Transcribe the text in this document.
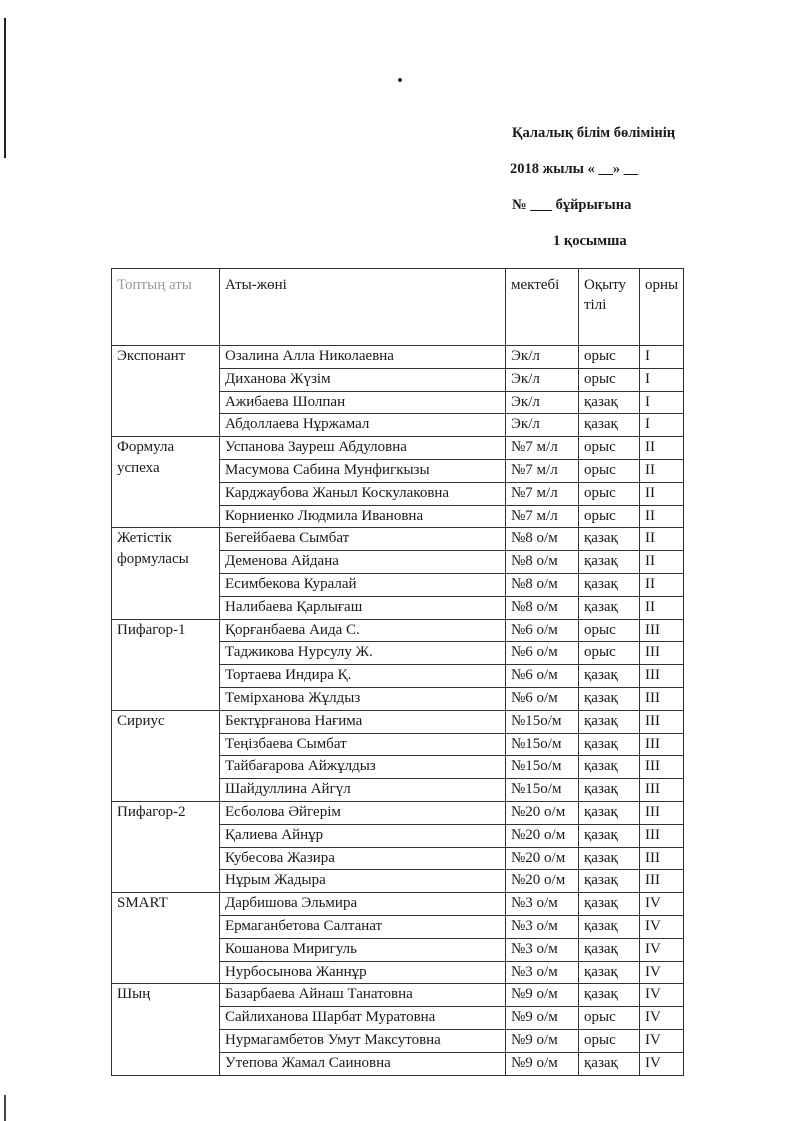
Қалалық білім бөлімінің
2018 жылы « __» __
№ ___ бұйрығына
1 қосымша
Топтың аты	Аты-жөні	мектебі	Оқыту тілі	орны
Экспонант	Озалина Алла Николаевна	Эк/л	орыс	I
	Диханова Жүзім	Эк/л	орыс	I
	Ажибаева Шолпан	Эк/л	қазақ	I
	Абдоллаева Нұржамал	Эк/л	қазақ	I
Формула успеха	Успанова Зауреш Абдуловна	№7 м/л	орыс	II
	Масумова Сабина Мунфигкызы	№7 м/л	орыс	II
	Карджаубова Жаныл Коскулаковна	№7 м/л	орыс	II
	Корниенко Людмила Ивановна	№7 м/л	орыс	II
Жетістік формуласы	Бегейбаева Сымбат	№8 о/м	қазақ	II
	Деменова Айдана	№8 о/м	қазақ	II
	Есимбекова Куралай	№8 о/м	қазақ	II
	Налибаева Қарлығаш	№8 о/м	қазақ	II
Пифагор-1	Қорғанбаева Аида С.	№6 о/м	орыс	III
	Таджикова Нурсулу Ж.	№6 о/м	орыс	III
	Тортаева Индира Қ.	№6 о/м	қазақ	III
	Темірханова Жұлдыз	№6 о/м	қазақ	III
Сириус	Бектұрғанова Нағима	№15о/м	қазақ	III
	Теңізбаева Сымбат	№15о/м	қазақ	III
	Тайбағарова Айжұлдыз	№15о/м	қазақ	III
	Шайдуллина Айгүл	№15о/м	қазақ	III
Пифагор-2	Есболова Әйгерім	№20 о/м	қазақ	III
	Қалиева Айнұр	№20 о/м	қазақ	III
	Кубесова Жазира	№20 о/м	қазақ	III
	Нұрым Жадыра	№20 о/м	қазақ	III
SMART	Дарбишова Эльмира	№3 о/м	қазақ	IV
	Ермаганбетова Салтанат	№3 о/м	қазақ	IV
	Кошанова Миригуль	№3 о/м	қазақ	IV
	Нурбосынова Жаннұр	№3 о/м	қазақ	IV
Шың	Базарбаева Айнаш Танатовна	№9 о/м	қазақ	IV
	Сайлиханова Шарбат Муратовна	№9 о/м	орыс	IV
	Нурмагамбетов Умут Максутовна	№9 о/м	орыс	IV
	Утепова Жамал Саиновна	№9 о/м	қазақ	IV
